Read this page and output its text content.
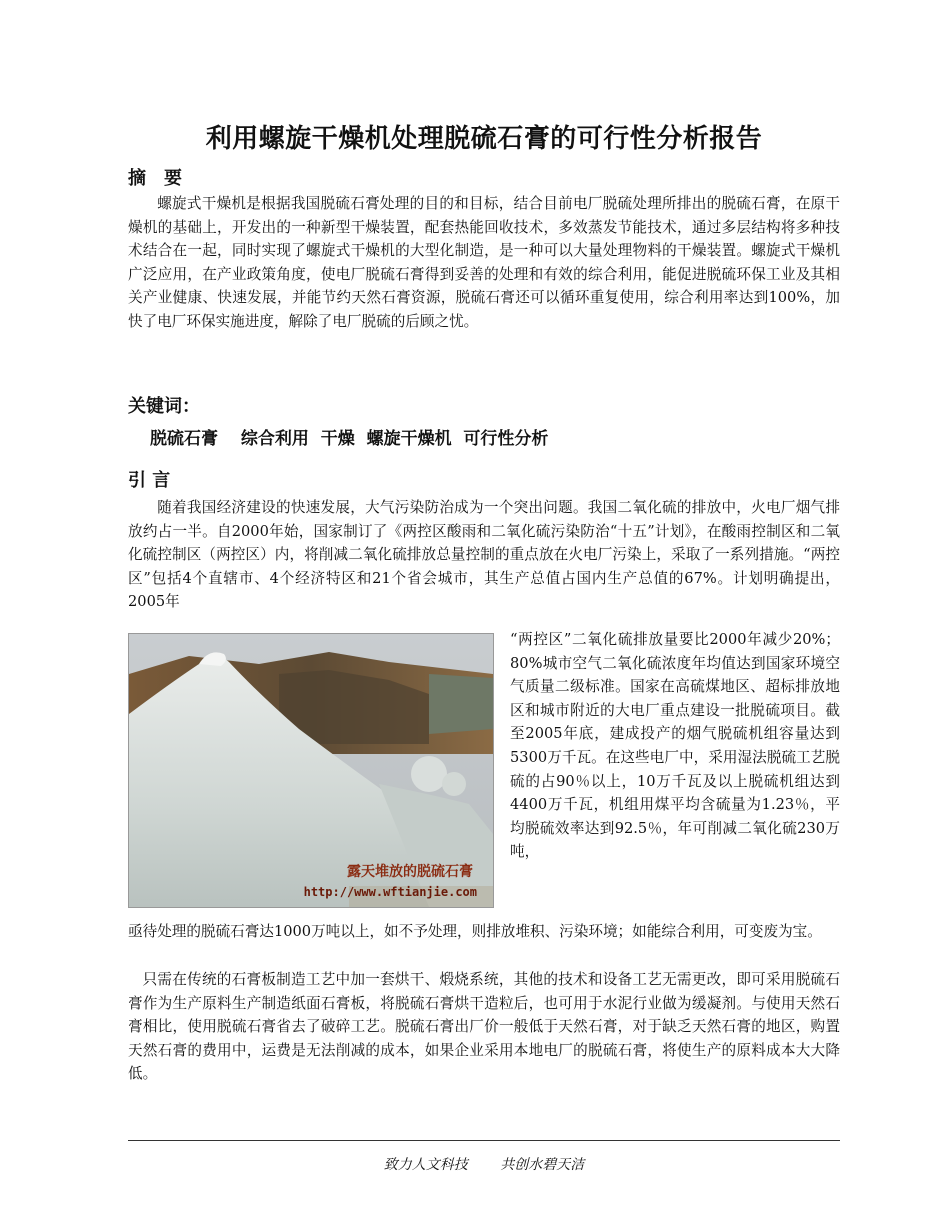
利用螺旋干燥机处理脱硫石膏的可行性分析报告
摘　要
螺旋式干燥机是根据我国脱硫石膏处理的目的和目标，结合目前电厂脱硫处理所排出的脱硫石膏，在原干燥机的基础上，开发出的一种新型干燥装置，配套热能回收技术，多效蒸发节能技术，通过多层结构将多种技术结合在一起，同时实现了螺旋式干燥机的大型化制造，是一种可以大量处理物料的干燥装置。螺旋式干燥机广泛应用，在产业政策角度，使电厂脱硫石膏得到妥善的处理和有效的综合利用，能促进脱硫环保工业及其相关产业健康、快速发展，并能节约天然石膏资源，脱硫石膏还可以循环重复使用，综合利用率达到100%，加快了电厂环保实施进度，解除了电厂脱硫的后顾之忧。
关键词：
脱硫石膏　 综合利用  干燥  螺旋干燥机  可行性分析
引 言
随着我国经济建设的快速发展，大气污染防治成为一个突出问题。我国二氧化硫的排放中，火电厂烟气排放约占一半。自2000年始，国家制订了《两控区酸雨和二氧化硫污染防治“十五”计划》，在酸雨控制区和二氧化硫控制区（两控区）内，将削减二氧化硫排放总量控制的重点放在火电厂污染上，采取了一系列措施。“两控区”包括4个直辖市、4个经济特区和21个省会城市，其生产总值占国内生产总值的67%。计划明确提出，2005年
露天堆放的脱硫石膏
http://www.wftianjie.com
“两控区”二氧化硫排放量要比2000年减少20%；80%城市空气二氧化硫浓度年均值达到国家环境空气质量二级标准。国家在高硫煤地区、超标排放地区和城市附近的大电厂重点建设一批脱硫项目。截至2005年底，建成投产的烟气脱硫机组容量达到5300万千瓦。在这些电厂中，采用湿法脱硫工艺脱硫的占90％以上，10万千瓦及以上脱硫机组达到4400万千瓦，机组用煤平均含硫量为1.23％，平均脱硫效率达到92.5％，年可削减二氧化硫230万吨，
亟待处理的脱硫石膏达1000万吨以上，如不予处理，则排放堆积、污染环境；如能综合利用，可变废为宝。
只需在传统的石膏板制造工艺中加一套烘干、煅烧系统，其他的技术和设备工艺无需更改，即可采用脱硫石膏作为生产原料生产制造纸面石膏板，将脱硫石膏烘干造粒后，也可用于水泥行业做为缓凝剂。与使用天然石膏相比，使用脱硫石膏省去了破碎工艺。脱硫石膏出厂价一般低于天然石膏，对于缺乏天然石膏的地区，购置天然石膏的费用中，运费是无法削减的成本，如果企业采用本地电厂的脱硫石膏，将使生产的原料成本大大降低。
致力人文科技　　 共创水碧天洁
